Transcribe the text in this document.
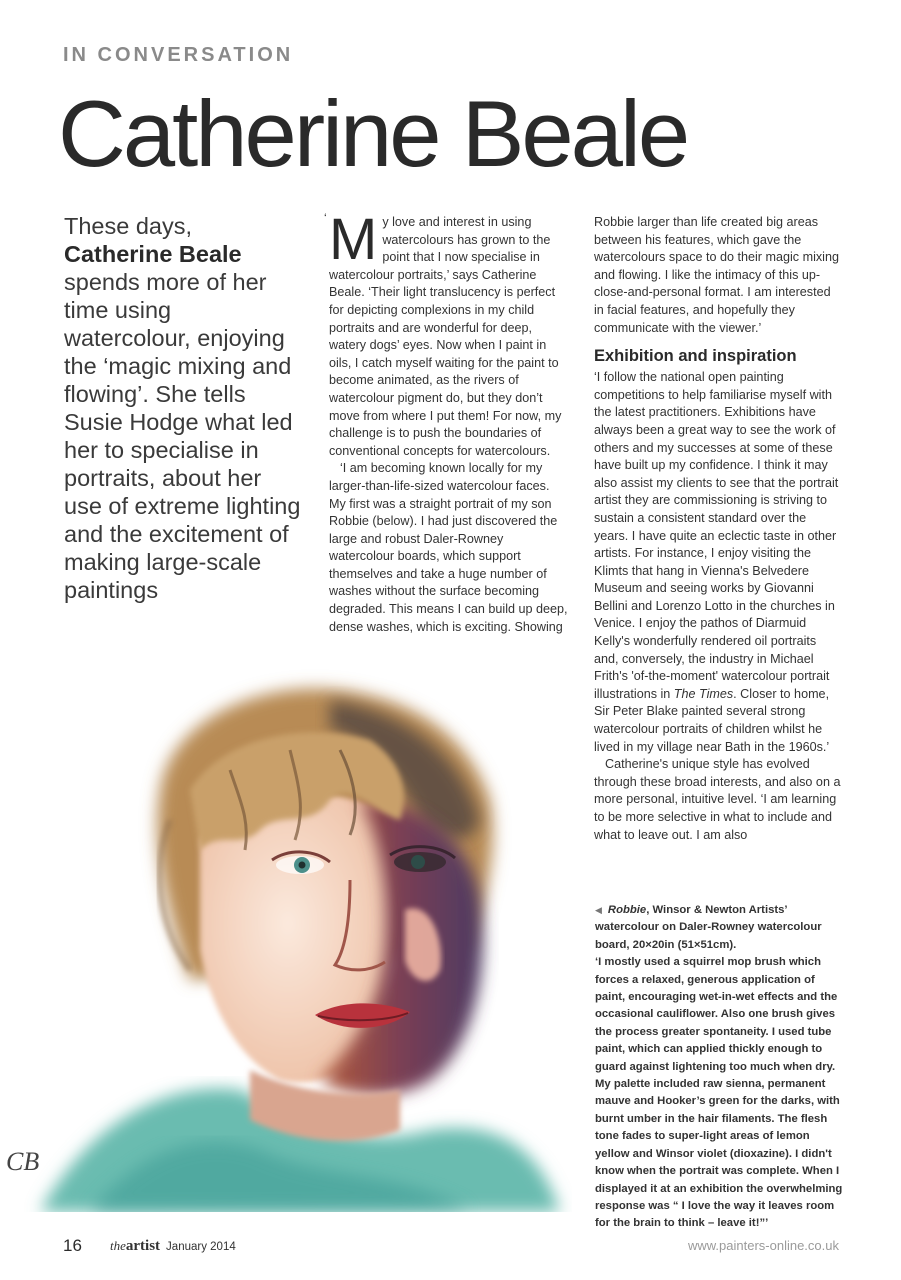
IN CONVERSATION
Catherine Beale
These days, Catherine Beale spends more of her time using watercolour, enjoying the ‘magic mixing and flowing’. She tells Susie Hodge what led her to specialise in portraits, about her use of extreme lighting and the excitement of making large-scale paintings

‘ M y love and interest in using watercolours has grown to the point that I now specialise in watercolour portraits,’ says Catherine Beale. ‘Their light translucency is perfect for depicting complexions in my child portraits and are wonderful for deep, watery dogs’ eyes. Now when I paint in oils, I catch myself waiting for the paint to become animated, as the rivers of watercolour pigment do, but they don’t move from where I put them! For now, my challenge is to push the boundaries of conventional concepts for watercolours.

‘I am becoming known locally for my larger-than-life-sized watercolour faces. My first was a straight portrait of my son Robbie (below). I had just discovered the large and robust Daler-Rowney watercolour boards, which support themselves and take a huge number of washes without the surface becoming degraded. This means I can build up deep, dense washes, which is exciting. Showing

Robbie larger than life created big areas between his features, which gave the watercolours space to do their magic mixing and flowing. I like the intimacy of this up-close-and-personal format. I am interested in facial features, and hopefully they communicate with the viewer.’

Exhibition and inspiration

‘I follow the national open painting competitions to help familiarise myself with the latest practitioners. Exhibitions have always been a great way to see the work of others and my successes at some of these have built up my confidence. I think it may also assist my clients to see that the portrait artist they are commissioning is striving to sustain a consistent standard over the years. I have quite an eclectic taste in other artists. For instance, I enjoy visiting the Klimts that hang in Vienna's Belvedere Museum and seeing works by Giovanni Bellini and Lorenzo Lotto in the churches in Venice. I enjoy the pathos of Diarmuid Kelly's wonderfully rendered oil portraits and, conversely, the industry in Michael Frith's 'of-the-moment' watercolour portrait illustrations in The Times. Closer to home, Sir Peter Blake painted several strong watercolour portraits of children whilst he lived in my village near Bath in the 1960s.’

Catherine's unique style has evolved through these broad interests, and also on a more personal, intuitive level. ‘I am learning to be more selective in what to include and what to leave out. I am also

CB

◀ Robbie, Winsor & Newton Artists’ watercolour on Daler-Rowney watercolour board, 20×20in (51×51cm).

‘I mostly used a squirrel mop brush which forces a relaxed, generous application of paint, encouraging wet-in-wet effects and the occasional cauliflower. Also one brush gives the process greater spontaneity. I used tube paint, which can applied thickly enough to guard against lightening too much when dry. My palette included raw sienna, permanent mauve and Hooker’s green for the darks, with burnt umber in the hair filaments. The flesh tone fades to super-light areas of lemon yellow and Winsor violet (dioxazine). I didn't know when the portrait was complete. When I displayed it at an exhibition the overwhelming response was “ I love the way it leaves room for the brain to think – leave it!”’

16 theartist January 2014	www.painters-online.co.uk
